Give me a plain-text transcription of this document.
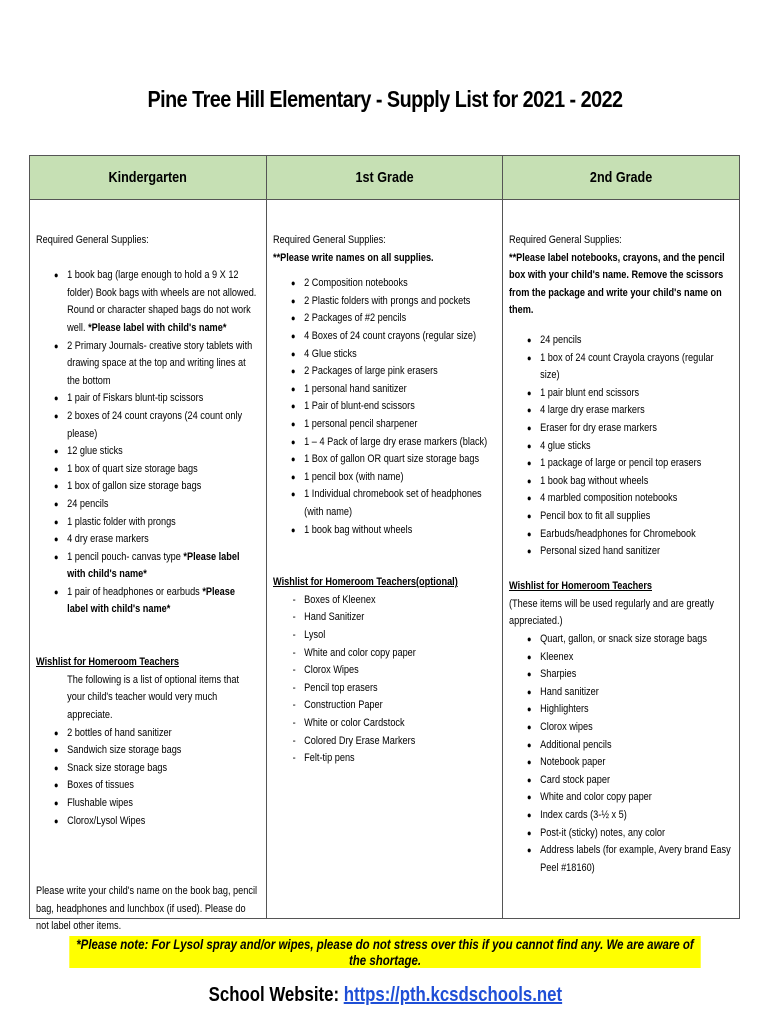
Pine Tree Hill Elementary - Supply List for 2021 - 2022
Kindergarten	1st Grade	2nd Grade
Required General Supplies:
● 1 book bag (large enough to hold a 9 X 12 folder) Book bags with wheels are not allowed. Round or character shaped bags do not work well. *Please label with child's name*
● 2 Primary Journals- creative story tablets with drawing space at the top and writing lines at the bottom
● 1 pair of Fiskars blunt-tip scissors
● 2 boxes of 24 count crayons (24 count only please)
● 12 glue sticks
● 1 box of quart size storage bags
● 1 box of gallon size storage bags
● 24 pencils
● 1 plastic folder with prongs
● 4 dry erase markers
● 1 pencil pouch- canvas type *Please label with child's name*
● 1 pair of headphones or earbuds *Please label with child's name*
Wishlist for Homeroom Teachers
The following is a list of optional items that your child's teacher would very much appreciate.
● 2 bottles of hand sanitizer
● Sandwich size storage bags
● Snack size storage bags
● Boxes of tissues
● Flushable wipes
● Clorox/Lysol Wipes
Please write your child's name on the book bag, pencil bag, headphones and lunchbox (if used). Please do not label other items.
Required General Supplies:
**Please write names on all supplies.
● 2 Composition notebooks
● 2 Plastic folders with prongs and pockets
● 2 Packages of #2 pencils
● 4 Boxes of 24 count crayons (regular size)
● 4 Glue sticks
● 2 Packages of large pink erasers
● 1 personal hand sanitizer
● 1 Pair of blunt-end scissors
● 1 personal pencil sharpener
● 1 – 4 Pack of large dry erase markers (black)
● 1 Box of gallon OR quart size storage bags
● 1 pencil box (with name)
● 1 Individual chromebook set of headphones (with name)
● 1 book bag without wheels
Wishlist for Homeroom Teachers(optional)
- Boxes of Kleenex
- Hand Sanitizer
- Lysol
- White and color copy paper
- Clorox Wipes
- Pencil top erasers
- Construction Paper
- White or color Cardstock
- Colored Dry Erase Markers
- Felt-tip pens
Required General Supplies:
**Please label notebooks, crayons, and the pencil box with your child's name. Remove the scissors from the package and write your child's name on them.
● 24 pencils
● 1 box of 24 count Crayola crayons (regular size)
● 1 pair blunt end scissors
● 4 large dry erase markers
● Eraser for dry erase markers
● 4 glue sticks
● 1 package of large or pencil top erasers
● 1 book bag without wheels
● 4 marbled composition notebooks
● Pencil box to fit all supplies
● Earbuds/headphones for Chromebook
● Personal sized hand sanitizer
Wishlist for Homeroom Teachers
(These items will be used regularly and are greatly appreciated.)
● Quart, gallon, or snack size storage bags
● Kleenex
● Sharpies
● Hand sanitizer
● Highlighters
● Clorox wipes
● Additional pencils
● Notebook paper
● Card stock paper
● White and color copy paper
● Index cards (3-½ x 5)
● Post-it (sticky) notes, any color
● Address labels (for example, Avery brand Easy Peel #18160)
*Please note: For Lysol spray and/or wipes, please do not stress over this if you cannot find any. We are aware of the shortage.
School Website: https://pth.kcsdschools.net
